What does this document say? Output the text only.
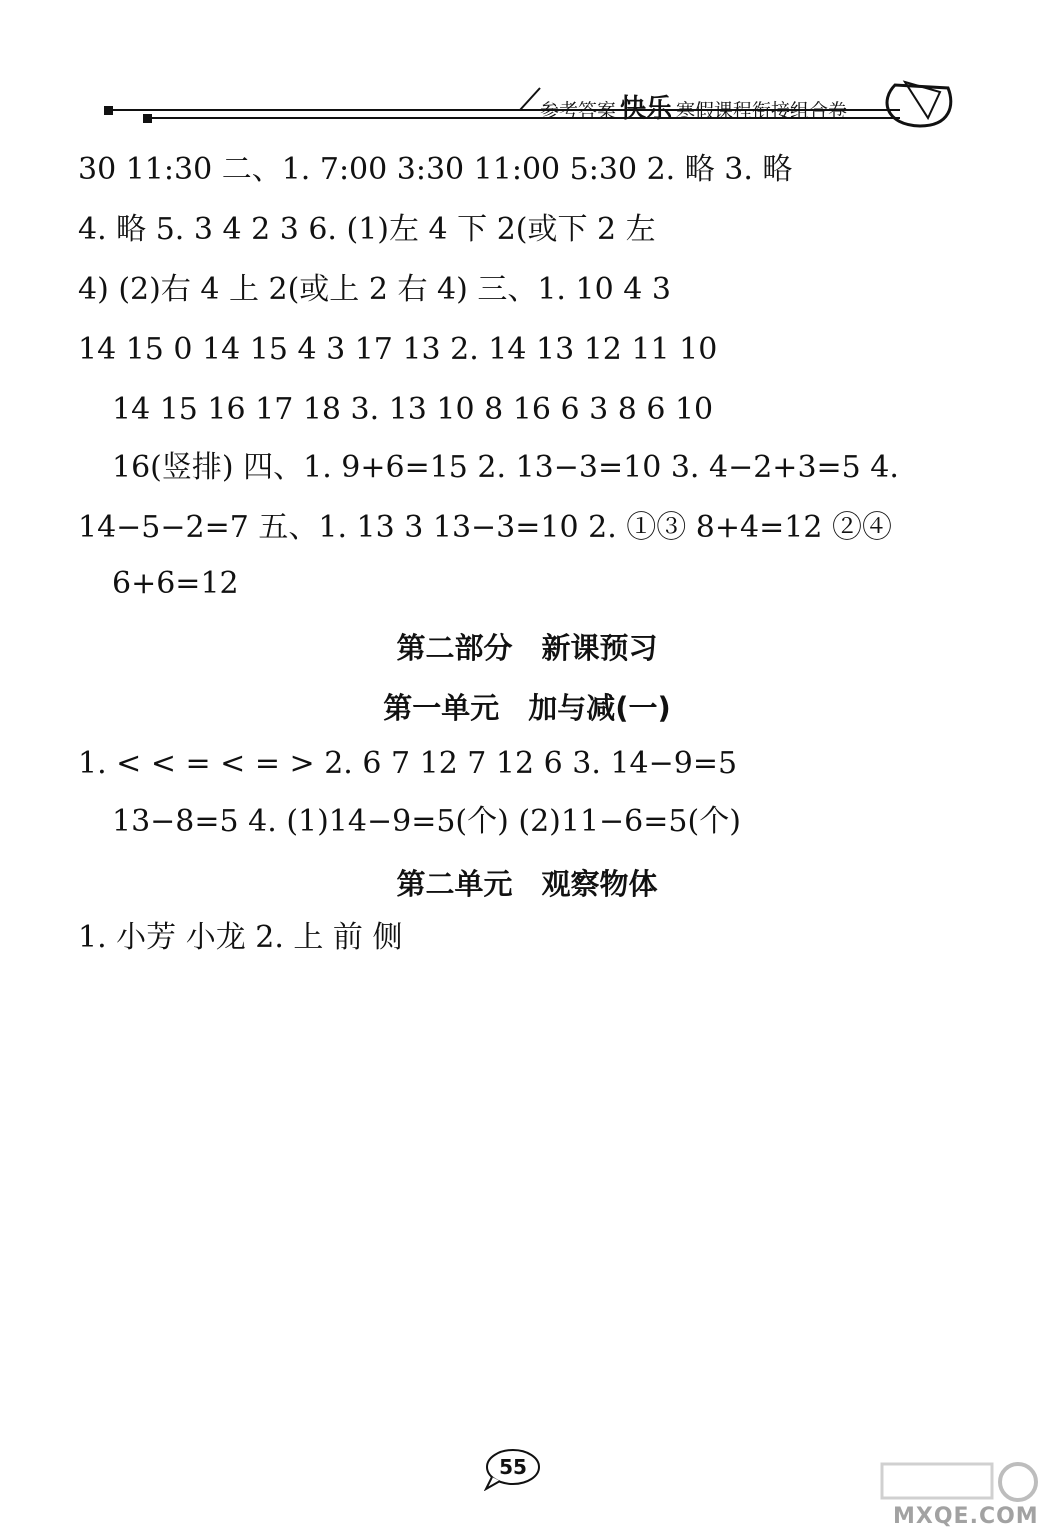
参考答案 快乐 寒假课程衔接组合卷
30 11:30 二、1. 7:00 3:30 11:00 5:30 2. 略 3. 略
4. 略 5. 3 4 2 3 6. (1)左 4 下 2(或下 2 左
4) (2)右 4 上 2(或上 2 右 4) 三、1. 10 4 3
14 15 0 14 15 4 3 17 13 2. 14 13 12 11 10
14 15 16 17 18 3. 13 10 8 16 6 3 8 6 10
16(竖排) 四、1. 9+6=15 2. 13−3=10 3. 4−2+3=5 4.
14−5−2=7 五、1. 13 3 13−3=10 2. ①③ 8+4=12 ②④
6+6=12
第二部分　新课预习
第一单元　加与减(一)
1. < < = < = > 2. 6 7 12 7 12 6 3. 14−9=5
13−8=5 4. (1)14−9=5(个) (2)11−6=5(个)
第二单元　观察物体
1. 小芳 小龙 2. 上 前 侧
55
MXQE.COM
